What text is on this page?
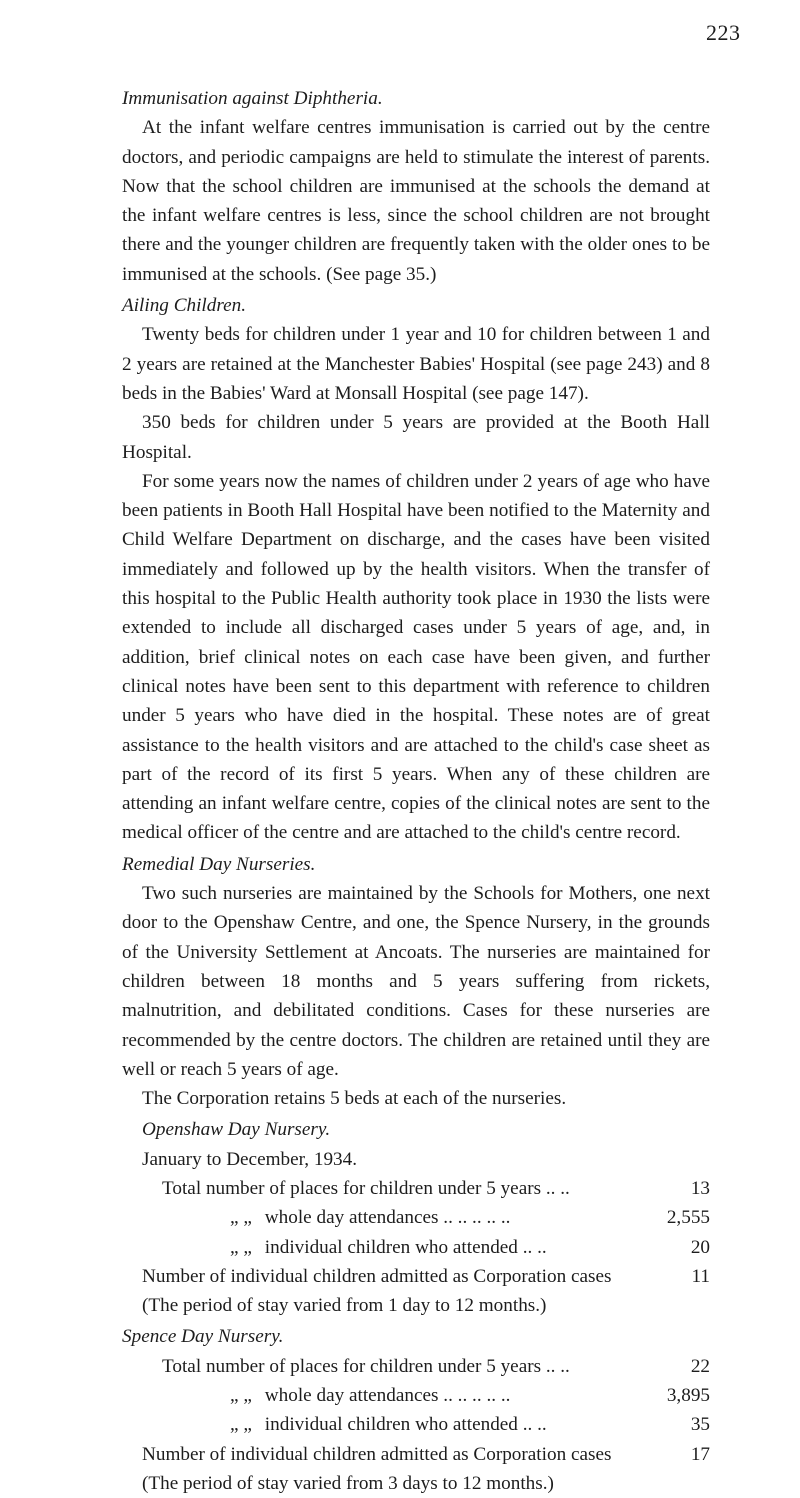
223

Immunisation against Diphtheria.

At the infant welfare centres immunisation is carried out by the centre doctors, and periodic campaigns are held to stimulate the interest of parents. Now that the school children are immunised at the schools the demand at the infant welfare centres is less, since the school children are not brought there and the younger children are frequently taken with the older ones to be immunised at the schools. (See page 35.)

Ailing Children.

Twenty beds for children under 1 year and 10 for children between 1 and 2 years are retained at the Manchester Babies' Hospital (see page 243) and 8 beds in the Babies' Ward at Monsall Hospital (see page 147).

350 beds for children under 5 years are provided at the Booth Hall Hospital.

For some years now the names of children under 2 years of age who have been patients in Booth Hall Hospital have been notified to the Maternity and Child Welfare Department on discharge, and the cases have been visited immediately and followed up by the health visitors. When the transfer of this hospital to the Public Health authority took place in 1930 the lists were extended to include all discharged cases under 5 years of age, and, in addition, brief clinical notes on each case have been given, and further clinical notes have been sent to this department with reference to children under 5 years who have died in the hospital. These notes are of great assistance to the health visitors and are attached to the child's case sheet as part of the record of its first 5 years. When any of these children are attending an infant welfare centre, copies of the clinical notes are sent to the medical officer of the centre and are attached to the child's centre record.

Remedial Day Nurseries.

Two such nurseries are maintained by the Schools for Mothers, one next door to the Openshaw Centre, and one, the Spence Nursery, in the grounds of the University Settlement at Ancoats. The nurseries are maintained for children between 18 months and 5 years suffering from rickets, malnutrition, and debilitated conditions. Cases for these nurseries are recommended by the centre doctors. The children are retained until they are well or reach 5 years of age.

The Corporation retains 5 beds at each of the nurseries.

Openshaw Day Nursery.

January to December, 1934.

Total number of places for children under 5 years .. ..	13
„ „ whole day attendances .. .. .. .. ..	2,555
„ „ individual children who attended .. ..	20
Number of individual children admitted as Corporation cases	11

(The period of stay varied from 1 day to 12 months.)

Spence Day Nursery.

Total number of places for children under 5 years .. ..	22
„ „ whole day attendances .. .. .. .. ..	3,895
„ „ individual children who attended .. ..	35
Number of individual children admitted as Corporation cases	17

(The period of stay varied from 3 days to 12 months.)
